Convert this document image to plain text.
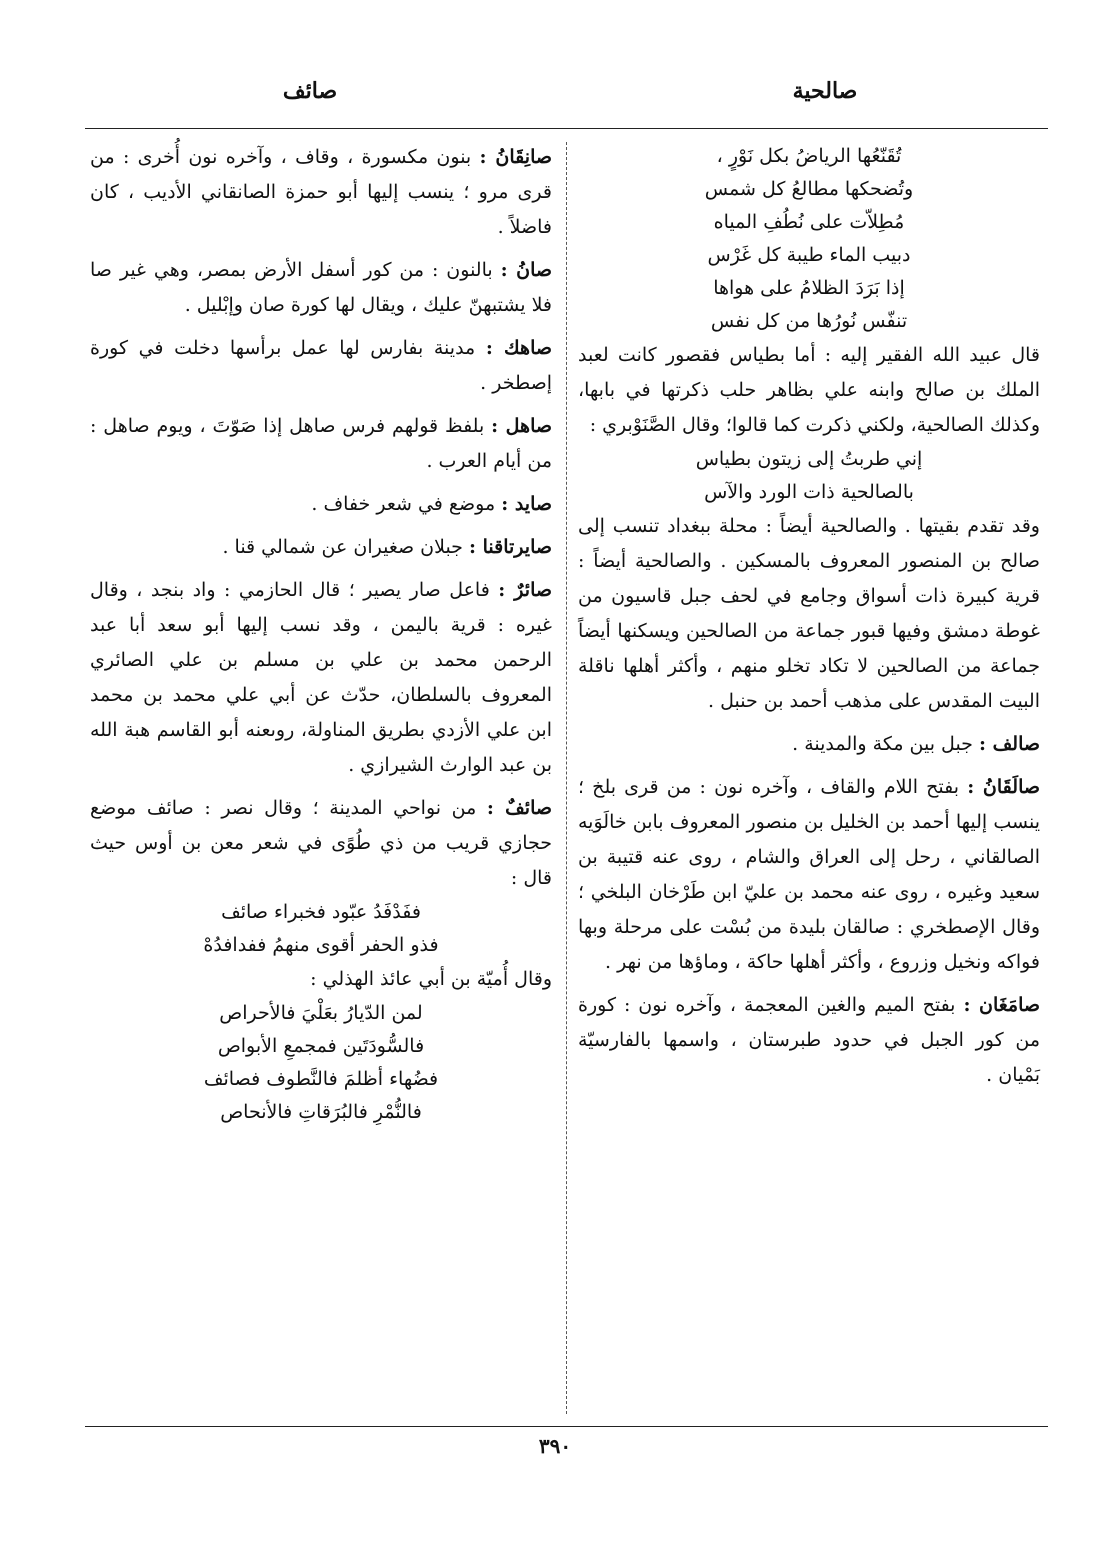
صائف	صالحية
تُقَنّعُها الرياضُ بكل نَوْرٍ ،
وتُضحكها مطالعُ كل شمس
مُطِلاّت على نُطُفِ المياه
دبيب الماء طيبة كل غَرْس
إذا بَرَدَ الظلامُ على هواها
تنفّس نُورُها من كل نفس

قال عبيد الله الفقير إليه : أما بطياس فقصور كانت لعبد الملك بن صالح وابنه علي بظاهر حلب ذكرتها في بابها، وكذلك الصالحية، ولكني ذكرت كما قالوا؛ وقال الصَّنَوْبري :

إني طربتُ إلى زيتون بطياس
بالصالحية ذات الورد والآس

وقد تقدم بقيتها . والصالحية أيضاً : محلة ببغداد تنسب إلى صالح بن المنصور المعروف بالمسكين . والصالحية أيضاً : قرية كبيرة ذات أسواق وجامع في لحف جبل قاسيون من غوطة دمشق وفيها قبور جماعة من الصالحين ويسكنها أيضاً جماعة من الصالحين لا تكاد تخلو منهم ، وأكثر أهلها ناقلة البيت المقدس على مذهب أحمد بن حنبل .

صالف : جبل بين مكة والمدينة .

صالَقَانُ : بفتح اللام والقاف ، وآخره نون : من قرى بلخ ؛ ينسب إليها أحمد بن الخليل بن منصور المعروف بابن خالَوَيه الصالقاني ، رحل إلى العراق والشام ، روى عنه قتيبة بن سعيد وغيره ، روى عنه محمد بن عليّ ابن طَرْخان البلخي ؛ وقال الإصطخري : صالقان بليدة من بُسْت على مرحلة وبها فواكه ونخيل وزروع ، وأكثر أهلها حاكة ، وماؤها من نهر .

صامَغَان : بفتح الميم والغين المعجمة ، وآخره نون : كورة من كور الجبل في حدود طبرستان ، واسمها بالفارسيّة بَمْيان .

صانِقَانُ : بنون مكسورة ، وقاف ، وآخره نون أُخرى : من قرى مرو ؛ ينسب إليها أبو حمزة الصانقاني الأديب ، كان فاضلاً .

صانُ : بالنون : من كور أسفل الأرض بمصر، وهي غير صا فلا يشتبهنّ عليك ، ويقال لها كورة صان وإبْليل .

صاهك : مدينة بفارس لها عمل برأسها دخلت في كورة إصطخر .

صاهل : بلفظ قولهم فرس صاهل إذا صَوّتَ ، ويوم صاهل : من أيام العرب .

صايد : موضع في شعر خفاف .

صايرتاقنا : جبلان صغيران عن شمالي قنا .

صائرٌ : فاعل صار يصير ؛ قال الحازمي : واد بنجد ، وقال غيره : قرية باليمن ، وقد نسب إليها أبو سعد أبا عبد الرحمن محمد بن علي بن مسلم بن علي الصائري المعروف بالسلطان، حدّث عن أبي علي محمد بن محمد ابن علي الأزدي بطريق المناولة، روىعنه أبو القاسم هبة الله بن عبد الوارث الشيرازي .

صائفٌ : من نواحي المدينة ؛ وقال نصر : صائف موضع حجازي قريب من ذي طُوًى في شعر معن بن أوس حيث قال :

ففَدْفَدُ عبّود فخبراء صائف
فذو الحفر أقوى منهمُ ففدافدُهْ

وقال أُميّة بن أبي عائذ الهذلي :

لمن الدّيارُ بعَلْيَ فالأحراص
فالسُّودَتَين فمجمعِ الأبواص
فضُهاء أظلمَ فالنَّطوف فصائف
فالنُّمْرِ فالبُرَقاتِ فالأنحاص
٣٩٠
